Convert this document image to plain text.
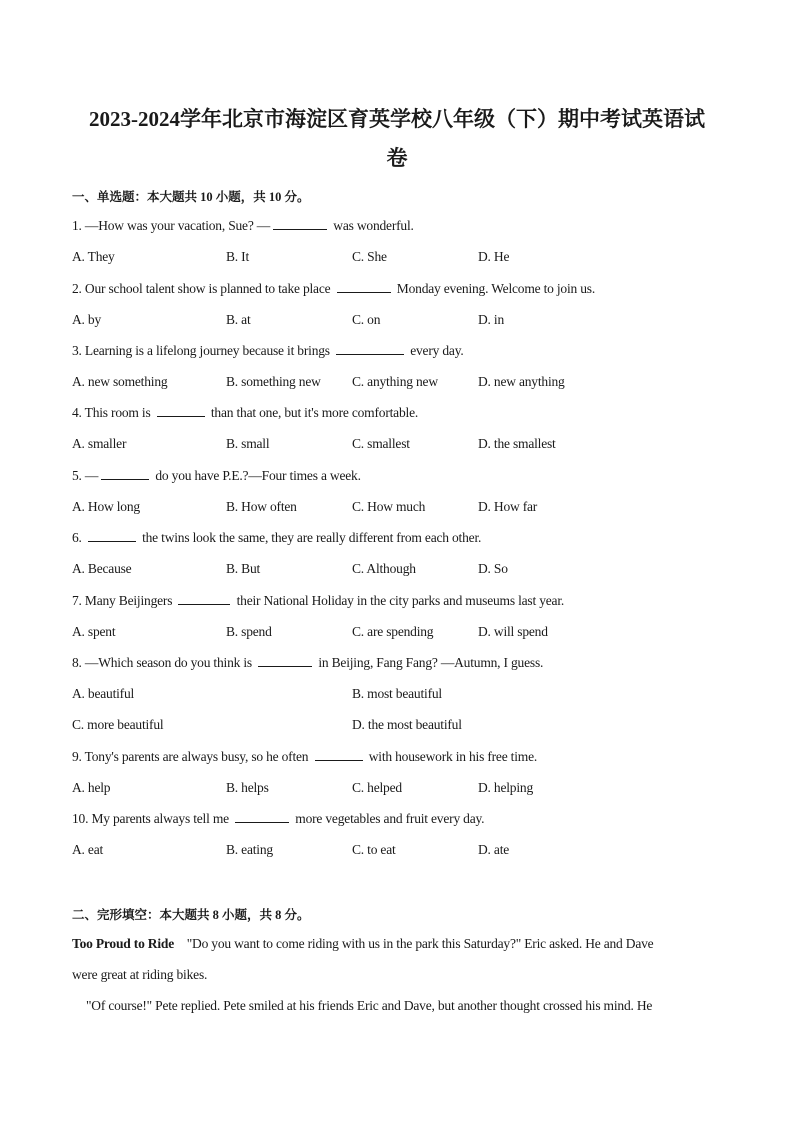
2023-2024学年北京市海淀区育英学校八年级（下）期中考试英语试
卷
一、单选题：本大题共 10 小题，共 10 分。
1. —How was your vacation, Sue? —	was wonderful.
A. They	B. It	C. She	D. He
2. Our school talent show is planned to take place	Monday evening. Welcome to join us.
A. by	B. at	C. on	D. in
3. Learning is a lifelong journey because it brings	every day.
A. new something	B. something new C. anything new	D. new anything
4. This room is	than that one, but it's more comfortable.
A. smaller	B. small	C. smallest	D. the smallest
5. —	do you have P.E.?—Four times a week.
A. How long	B. How often	C. How much	D. How far
6.	the twins look the same, they are really different from each other.
A. Because	B. But	C. Although	D. So
7. Many Beijingers	their National Holiday in the city parks and museums last year.
A. spent	B. spend	C. are spending	D. will spend
8. —Which season do you think is	in Beijing, Fang Fang? —Autumn, I guess.
A. beautiful	B. most beautiful
C. more beautiful	D. the most beautiful
9. Tony's parents are always busy, so he often	with housework in his free time.
A. help	B. helps	C. helped	D. helping
10. My parents always tell me	more vegetables and fruit every day.
A. eat	B. eating	C. to eat	D. ate
二、完形填空：本大题共 8 小题，共 8 分。
Too Proud to Ride "Do you want to come riding with us in the park this Saturday?" Eric asked. He and Dave
were great at riding bikes.
"Of course!" Pete replied. Pete smiled at his friends Eric and Dave, but another thought crossed his mind. He
